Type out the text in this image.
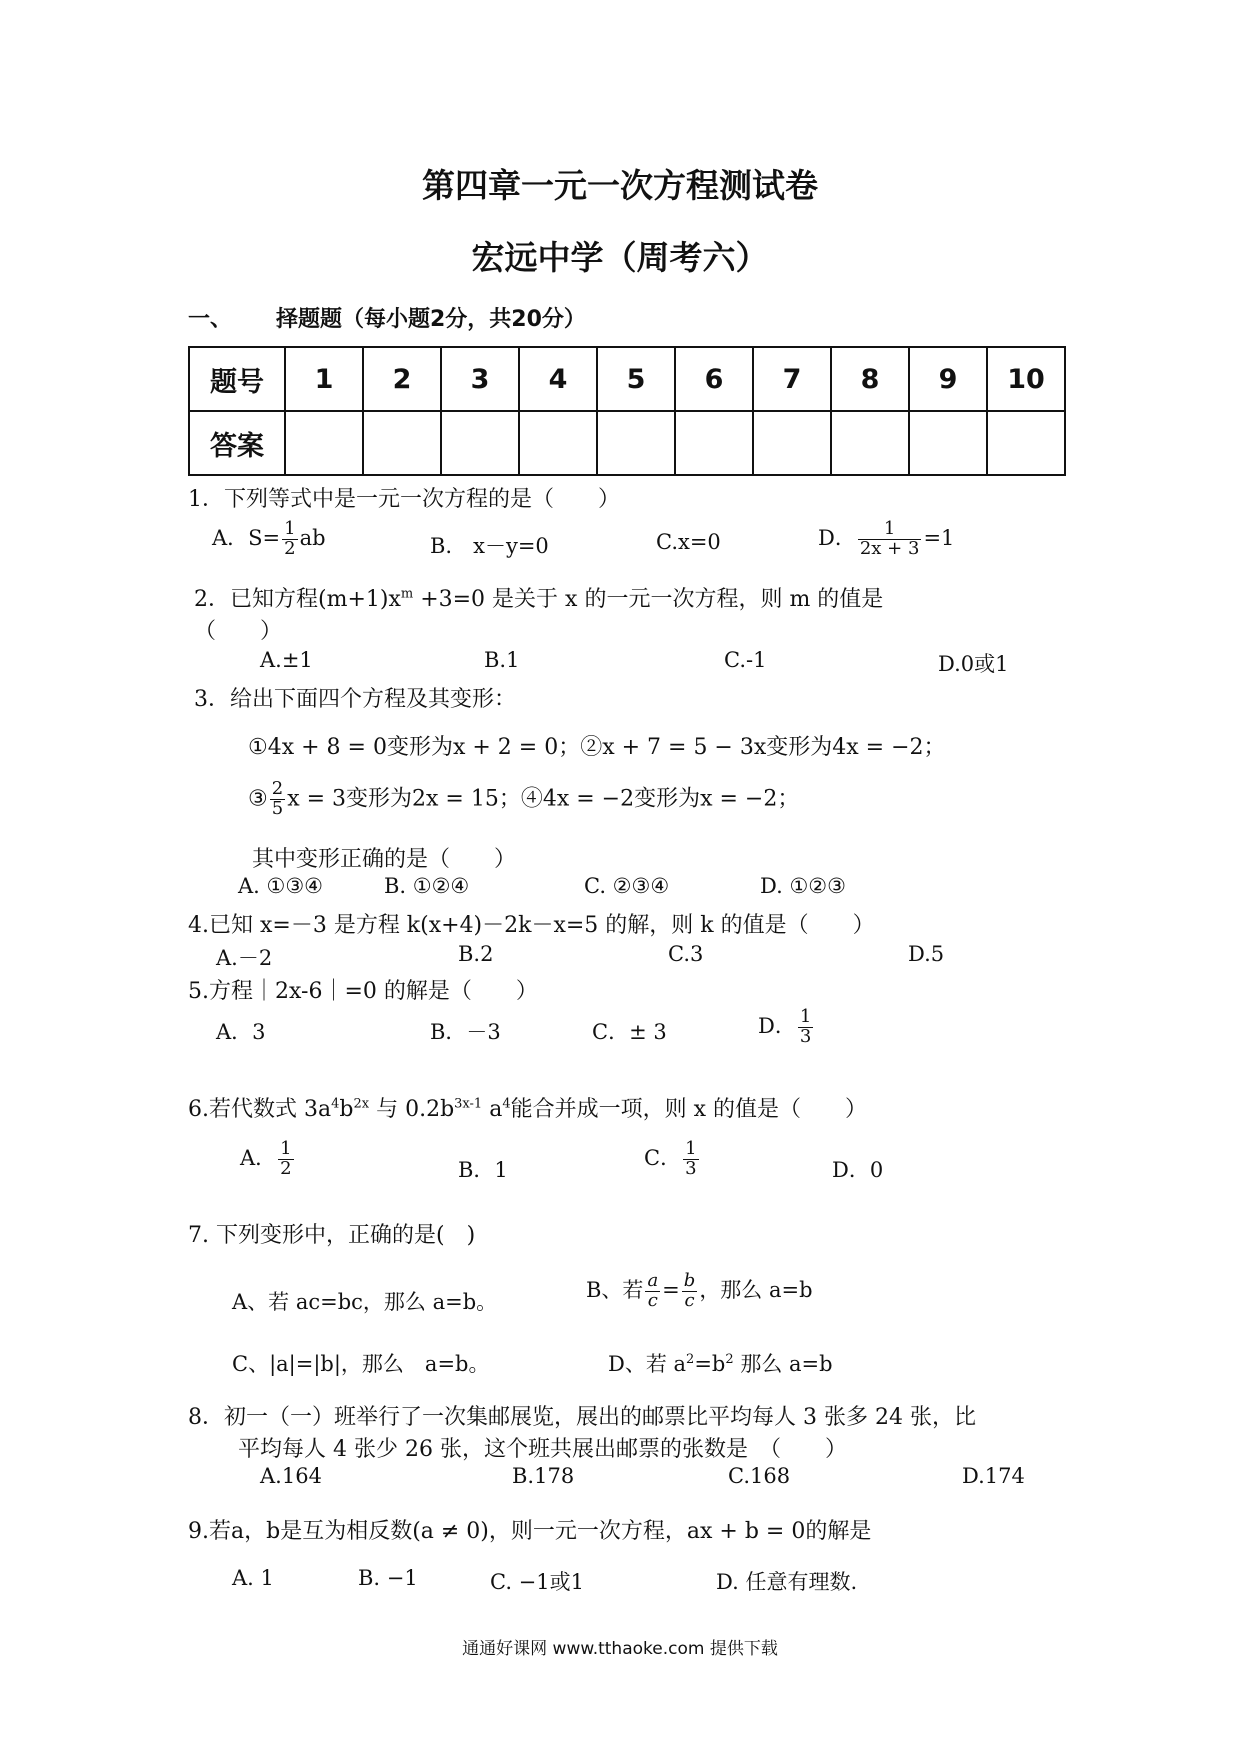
第四章一元一次方程测试卷
宏远中学（周考六）
一、 择题题（每小题2分，共20分）
题号	1	2	3	4	5	6	7	8	9	10
答案										
1．下列等式中是一元一次方程的是（　　）
A．$S= \frac{1}{2}$ ab	B.　x－y=0	C.x=0	D． $\frac{1}{2x + 3} =1$
2．已知方程$(m+1)x^m +3=0$ 是关于 x 的一元一次方程，则 m 的值是
（　　）
A.±1	B.1	C.-1	D.0或1
3．给出下面四个方程及其变形：
①4x + 8 = 0变形为x + 2 = 0；②x + 7 = 5 − 3x变形为4x = −2；
③ $\frac{2}{5}$ x = 3变形为2x = 15；④4x = −2变形为x = −2；
其中变形正确的是（　　）
A. ①③④	B. ①②④	C. ②③④	D. ①②③
4.已知 x=－3 是方程 k(x+4)－2k－x=5 的解，则 k 的值是（　　）
A.－2	B.2	C.3	D.5
5.方程｜2x-6｜=0 的解是（　　）
A．3	B．－3	C．± 3	D． $\frac{1}{3}$
6.若代数式 $3a^4b^{2x}$ 与 $0.2b^{3x-1}$ $a^4$能合并成一项，则 x 的值是（　　）
A． $\frac{1}{2}$	B．1
C． $\frac{1}{3}$	D．0
7. 下列变形中，正确的是(　)
A、若 ac=bc，那么 a=b。
B、若 $\frac{a}{c} = \frac{b}{c}$ ，那么 a=b
C、|a|=|b|，那么　a=b。	D、若 $a^2=b^2$ 那么 a=b
8．初一（一）班举行了一次集邮展览，展出的邮票比平均每人 3 张多 24 张，比
平均每人 4 张少 26 张，这个班共展出邮票的张数是　（　　）
A.164	B.178	C.168	D.174
9.若a，b是互为相反数(a ≠ 0)，则一元一次方程，ax + b = 0的解是
A. 1	B. −1	C. −1或1	D. 任意有理数.
通通好课网 www.tthaoke.com 提供下载
